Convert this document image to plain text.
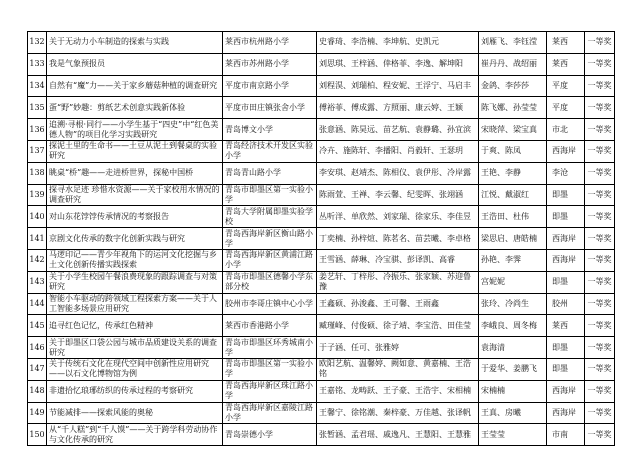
132	关于无动力小车制造的探索与实践	莱西市杭州路小学	史睿琦、李浩楠、李坤航、史凯元	刘雁飞、李钰滢	莱西	一等奖
133	我是气象预报员	莱西市苏州路小学	刘思琪、王梓涵、倖格菲、李逸、解坤阳	崔丹丹、战绍丽	莱西	一等奖
134	自然有“魔”力——关于家乡蘑菇种植的调查研究	平度市南京路小学	刘程淏、刘瑞柏、程安妮、王浮宁、马启丰	金鸽、李莎莎	平度	一等奖
135	蛋“野”妙趣：剪纸艺术创意实践新体验	平度市田庄镇张舍小学	傅裕菲、傅成露、方照丽、康云婷、王颖	陈飞娜、孙莹莹	平度	一等奖
136	追溯·寻根·同行——小学生基于“四史”中“红色美德人物”的项目化学习实践研究	青岛博文小学	张意涵、陈昊远、苗艺航、袁静璐、孙宜滨	宋晓萍、梁宝真	市北	一等奖
137	探泥土里的生命书——土豆从泥土到餐桌的实验研究	青岛经济技术开发区实验小学	冷卉、施陈轩、李播阳、肖毅轩、王瑟玥	于爽、陈凤	西海岸	一等奖
138	眺桌“桥”趣——走进桥世界，探秘中国桥	青岛青山路小学	李安琪、赵靖杰、陈相仪、袁伊彤、冷岸露	王艳、李静	李沧	一等奖
139	探寻水足迹 珍惜水资源——关于家校用水情况的调查研究	青岛市即墨区第一实验小学	陈雨萱、王禅、李云馨、纪雯晖、张翊涵	江悦、戴淑红	即墨	一等奖
140	对山东花饽饽传承情况的考察报告	青岛大学附属即墨实验学校	丛听洋、单欣然、刘家瑞、徐家乐、李佳昱	王浩田、杜伟	即墨	一等奖
141	京剧文化传承的数字化创新实践与研究	青岛西海岸新区衡山路小学	丁奕楠、孙梓煊、陈茗名、苗芸曦、李卓格	梁思启、唐皓楠	西海岸	一等奖
142	马逻印记——青少年视角下的运河文化挖掘与乡土文化创新传播实践探索	青岛西海岸新区黄浦江路小学	王雪涵、薛琳、冷宝骐、彭译凯、高睿	孙艳、李霁	西海岸	一等奖
143	关于小学生校园午餐浪费现象的跟踪调查与对策研究	青岛市即墨区德馨小学东部分校	姜艺轩、丁梓彤、冷振乐、张家颖、苏迎鲁豫	宫妮妮	即墨	一等奖
144	智能小车驱动的跨领域工程探索方案——关于人工智能多场景应用研究	胶州市李哥庄镇中心小学	王鑫硕、孙浚鑫、王可馨、王雨鑫	张玲、冷尚生	胶州	一等奖
145	追寻红色记忆，传承红色精神	莱西市香港路小学	臧瑾峰、付俊硕、徐子靖、李宝浩、田佳莹	李峨良、周冬梅	莱西	一等奖
146	关于即墨区口袋公园与城市品质建设关系的调查研究	青岛市即墨区环秀城南小学	于子涵、任可、张雅婷	袁海清	即墨	一等奖
147	关于传统石文化在现代空间中创新性应用研究——以石文化博物馆为例	青岛市即墨区第一实验小学	欧阳艺航、温馨婷、阙如意、黄嘉楠、王浩铭	于爱华、姜鹏飞	即墨	一等奖
148	非遗拾忆琅琊纺织的传承过程的考察研究	青岛西海岸新区珠江路小学	王嘉铭、龙畴跃、王子豪、王浩宇、宋相楠	宋楠楠	西海岸	一等奖
149	节能减排——探索风能的奥秘	青岛西海岸新区嘉陵江路小学	王馨宁、徐铭潮、秦梓豪、万佳越、张译帆	王真、房曦	西海岸	一等奖
150	从“千人糕”到“千人馍”——关于跨学科劳动协作与文化传承的研究	青岛崇德小学	张暂涵、孟君瑶、戚逸凡、王慧阳、王慧雅	王莹莹	市南	一等奖
